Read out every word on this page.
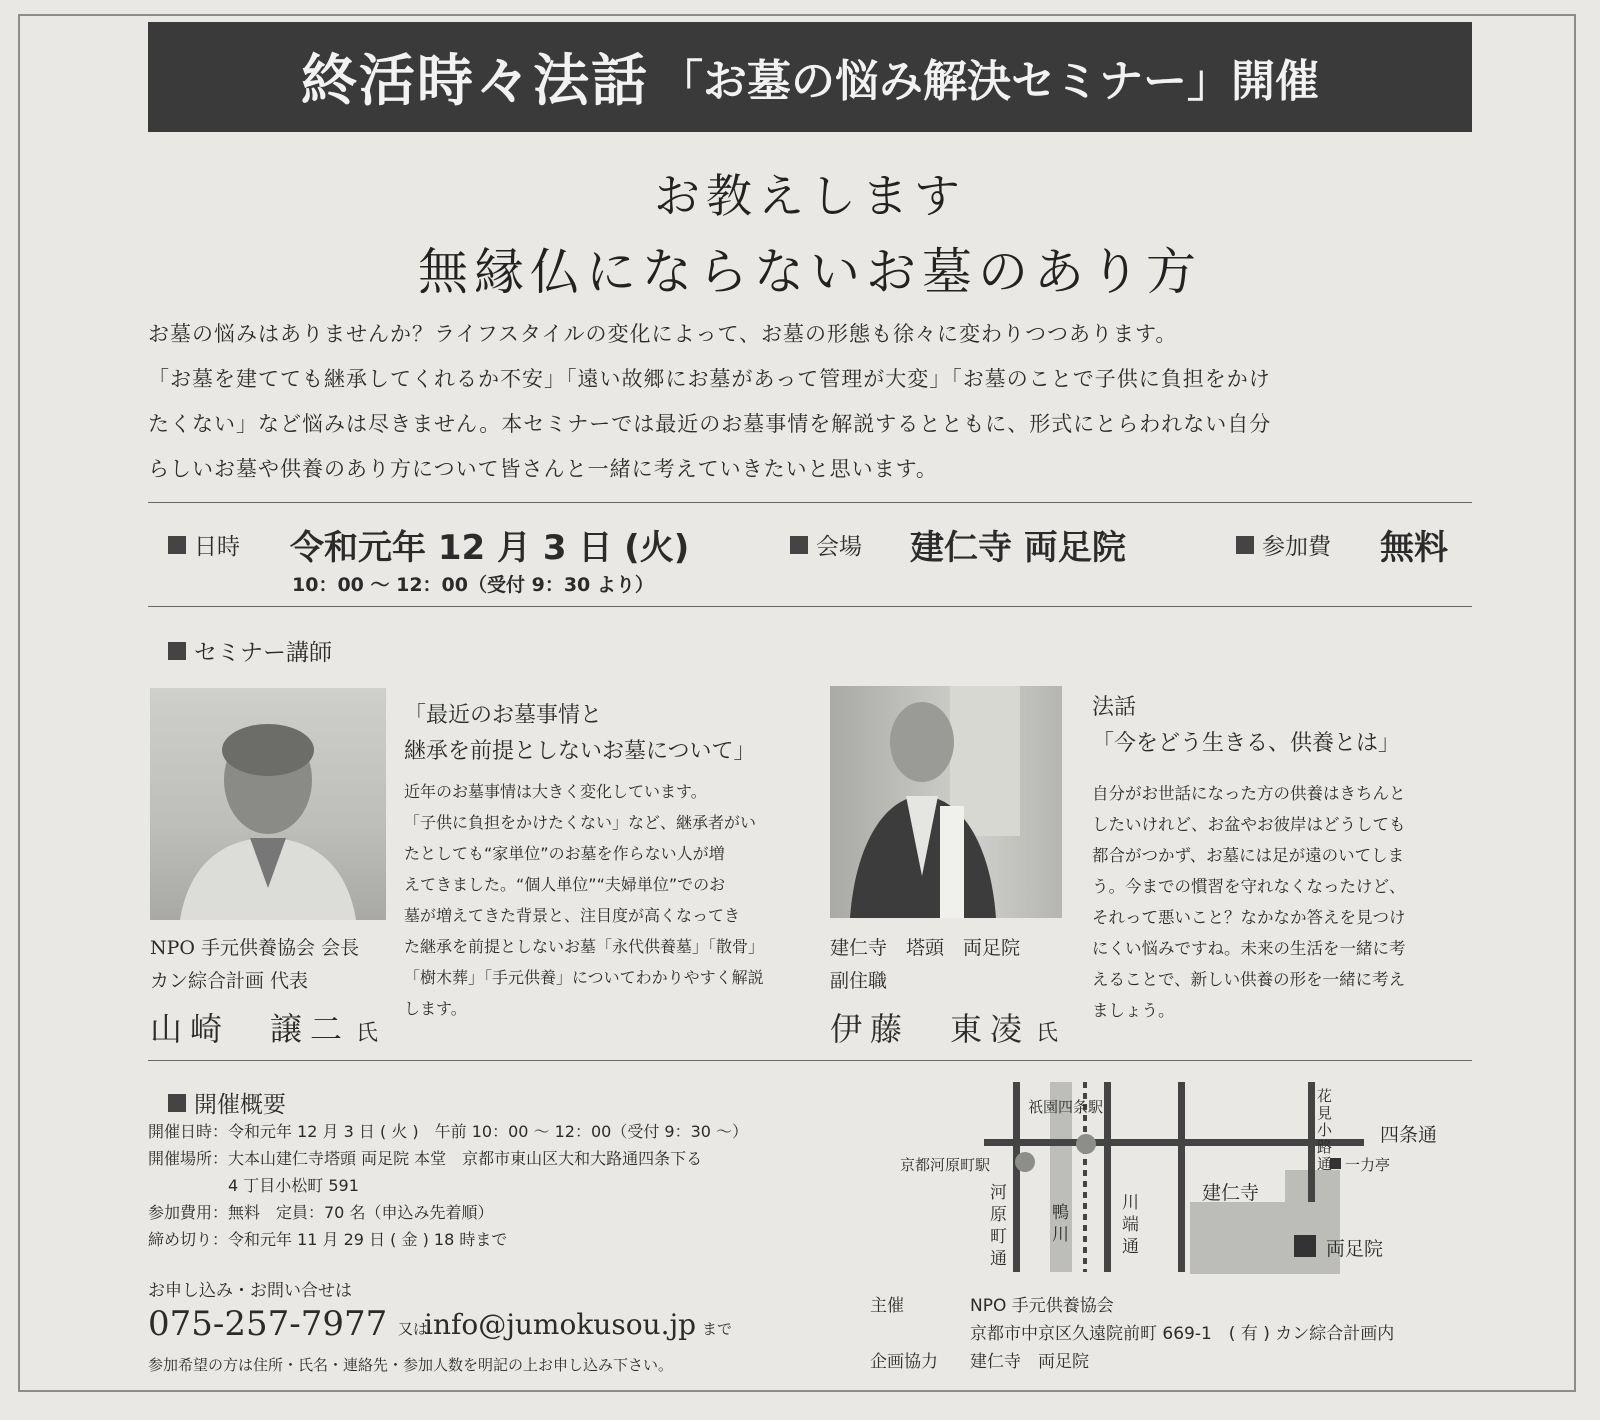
終活時々法話 「お墓の悩み解決セミナー」開催
お教えします
無縁仏にならないお墓のあり方

お墓の悩みはありませんか？ライフスタイルの変化によって、お墓の形態も徐々に変わりつつあります。

「お墓を建てても継承してくれるか不安」「遠い故郷にお墓があって管理が大変」「お墓のことで子供に負担をかけ

たくない」など悩みは尽きません。本セミナーでは最近のお墓事情を解説するとともに、形式にとらわれない自分

らしいお墓や供養のあり方について皆さんと一緒に考えていきたいと思います。

日時 令和元年 12 月 3 日 (火)
10：00 〜 12：00（受付 9：30 より）
会場 建仁寺 両足院	参加費 無料
セミナー講師
NPO 手元供養協会 会長
カン綜合計画 代表
山崎　譲二 氏
「最近のお墓事情と
継承を前提としないお墓について」
近年のお墓事情は大きく変化しています。
「子供に負担をかけたくない」など、継承者がい
たとしても“家単位”のお墓を作らない人が増
えてきました。“個人単位”“夫婦単位”でのお
墓が増えてきた背景と、注目度が高くなってき
た継承を前提としないお墓「永代供養墓」「散骨」
「樹木葬」「手元供養」についてわかりやすく解説
します。
建仁寺　塔頭　両足院
副住職
伊藤　東凌 氏
法話
「今をどう生きる、供養とは」
自分がお世話になった方の供養はきちんと
したいけれど、お盆やお彼岸はどうしても
都合がつかず、お墓には足が遠のいてしま
う。今までの慣習を守れなくなったけど、
それって悪いこと？なかなか答えを見つけ
にくい悩みですね。未来の生活を一緒に考
えることで、新しい供養の形を一緒に考え
ましょう。
開催概要
開催日時：令和元年 12 月 3 日 ( 火 )　午前 10：00 〜 12：00（受付 9：30 〜）
開催場所：大本山建仁寺塔頭 両足院 本堂　京都市東山区大和大路通四条下る
　　　　　4 丁目小松町 591
参加費用：無料　定員：70 名（申込み先着順）
締め切り：令和元年 11 月 29 日 ( 金 ) 18 時まで
お申し込み・お問い合せは
075-257-7977 又は
info@jumokusou.jp まで
参加希望の方は住所・氏名・連絡先・参加人数を明記の上お申し込み下さい。
祇園四条駅
京都河原町駅
花見小路通
四条通
一力亭
河原町通
鴨川
川端通
建仁寺
両足院
主催	NPO 手元供養協会
京都市中京区久遠院前町 669-1　( 有 ) カン綜合計画内
企画協力	建仁寺　両足院
